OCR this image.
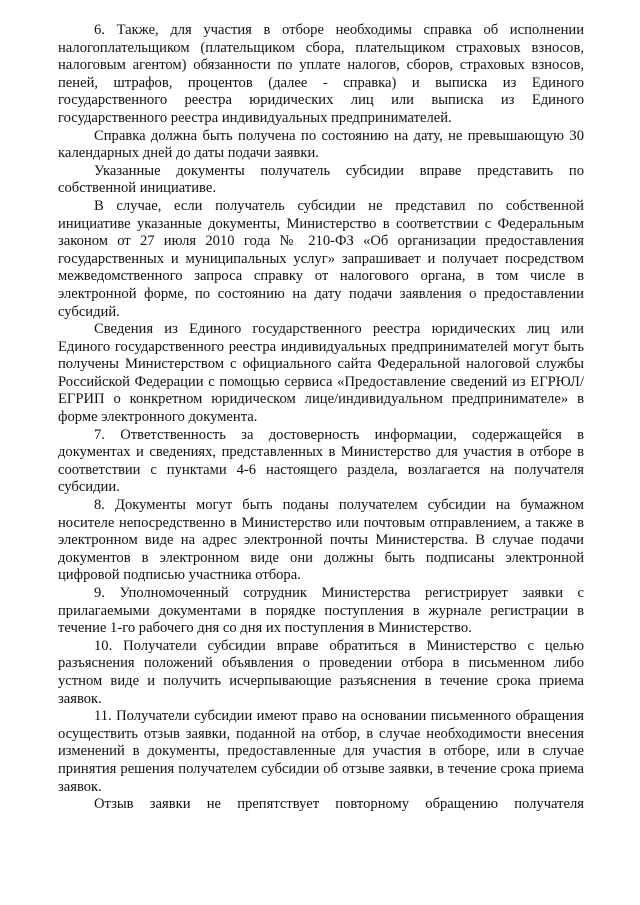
6. Также, для участия в отборе необходимы справка об исполнении налогоплательщиком (плательщиком сбора, плательщиком страховых взносов, налоговым агентом) обязанности по уплате налогов, сборов, страховых взносов, пеней, штрафов, процентов (далее - справка) и выписка из Единого государственного реестра юридических лиц или выписка из Единого государственного реестра индивидуальных предпринимателей.

Справка должна быть получена по состоянию на дату, не превышающую 30 календарных дней до даты подачи заявки.

Указанные документы получатель субсидии вправе представить по собственной инициативе.

В случае, если получатель субсидии не представил по собственной инициативе указанные документы, Министерство в соответствии с Федеральным законом от 27 июля 2010 года № 210-ФЗ «Об организации предоставления государственных и муниципальных услуг» запрашивает и получает посредством межведомственного запроса справку от налогового органа, в том числе в электронной форме, по состоянию на дату подачи заявления о предоставлении субсидий.

Сведения из Единого государственного реестра юридических лиц или Единого государственного реестра индивидуальных предпринимателей могут быть получены Министерством с официального сайта Федеральной налоговой службы Российской Федерации с помощью сервиса «Предоставление сведений из ЕГРЮЛ/ЕГРИП о конкретном юридическом лице/индивидуальном предпринимателе» в форме электронного документа.

7. Ответственность за достоверность информации, содержащейся в документах и сведениях, представленных в Министерство для участия в отборе в соответствии с пунктами 4-6 настоящего раздела, возлагается на получателя субсидии.

8. Документы могут быть поданы получателем субсидии на бумажном носителе непосредственно в Министерство или почтовым отправлением, а также в электронном виде на адрес электронной почты Министерства. В случае подачи документов в электронном виде они должны быть подписаны электронной цифровой подписью участника отбора.

9. Уполномоченный сотрудник Министерства регистрирует заявки с прилагаемыми документами в порядке поступления в журнале регистрации в течение 1-го рабочего дня со дня их поступления в Министерство.

10. Получатели субсидии вправе обратиться в Министерство с целью разъяснения положений объявления о проведении отбора в письменном либо устном виде и получить исчерпывающие разъяснения в течение срока приема заявок.

11. Получатели субсидии имеют право на основании письменного обращения осуществить отзыв заявки, поданной на отбор, в случае необходимости внесения изменений в документы, предоставленные для участия в отборе, или в случае принятия решения получателем субсидии об отзыве заявки, в течение срока приема заявок.

Отзыв заявки не препятствует повторному обращению получателя
